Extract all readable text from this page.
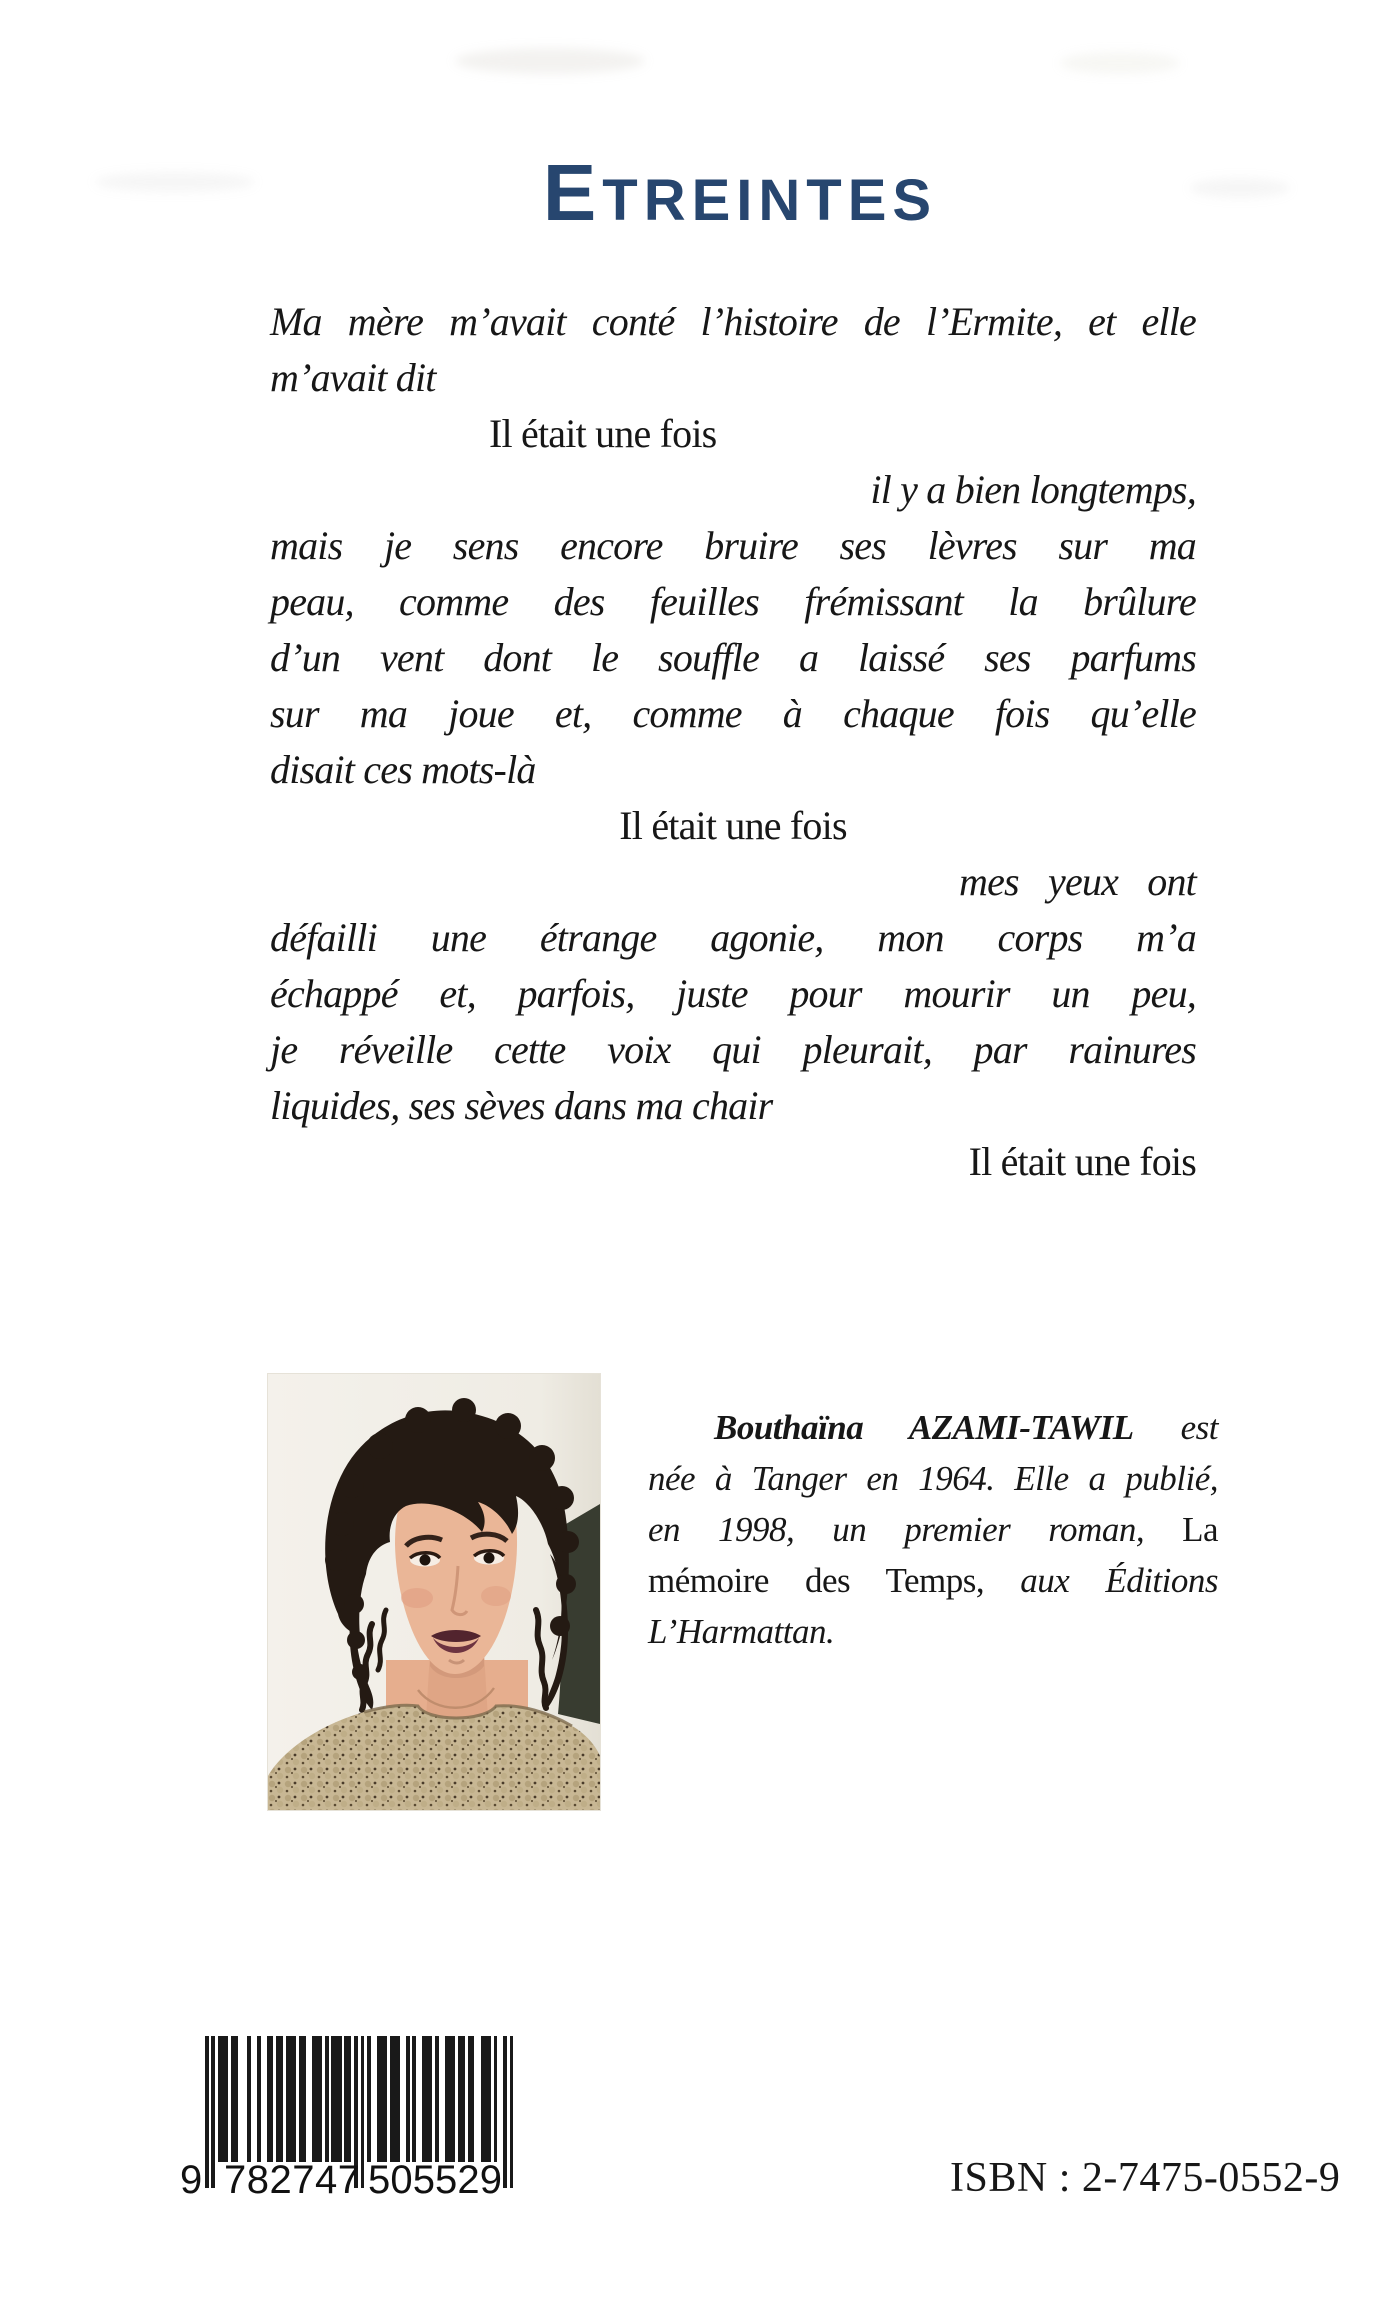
ETREINTES
Ma mère m’avait conté l’histoire de l’Ermite, et elle
m’avait dit
Il était une fois
il y a bien longtemps,
mais je sens encore bruire ses lèvres sur ma
peau, comme des feuilles frémissant la brûlure
d’un vent dont le souffle a laissé ses parfums
sur ma joue et, comme à chaque fois qu’elle
disait ces mots-là
Il était une fois
mes yeux ont
défailli une étrange agonie, mon corps m’a
échappé et, parfois, juste pour mourir un peu,
je réveille cette voix qui pleurait, par rainures
liquides, ses sèves dans ma chair
Il était une fois
Bouthaïna AZAMI-TAWIL est
née à Tanger en 1964. Elle a publié,
en 1998, un premier roman, La
mémoire des Temps, aux Éditions
L’Harmattan.
9 7 8 2 7 4 7 5 0 5 5 2 9	ISBN : 2-7475-0552-9
